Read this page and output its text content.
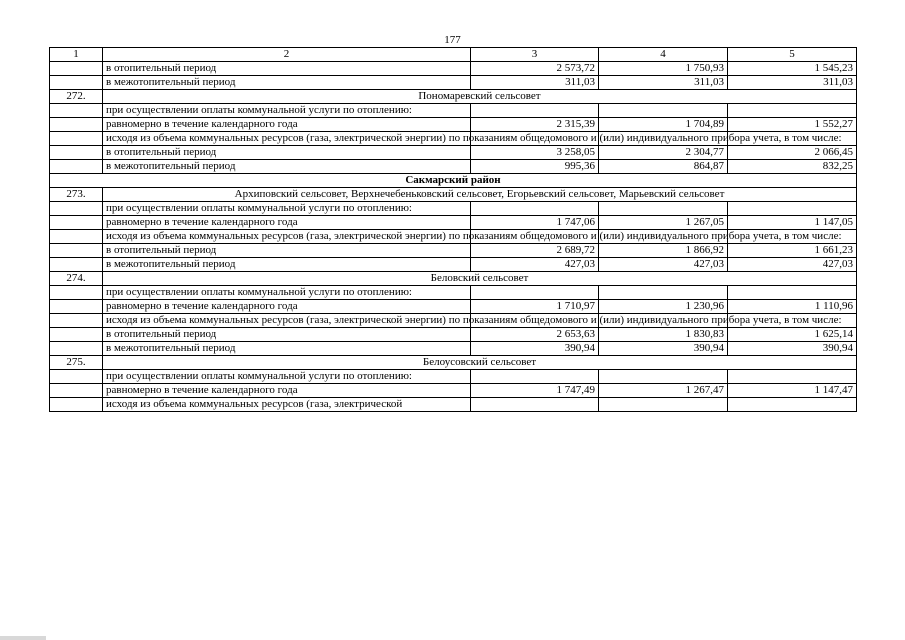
177
1	2	3	4	5
	в отопительный период	2 573,72	1 750,93	1 545,23
	в межотопительный период	311,03	311,03	311,03
272.	Пономаревский сельсовет			
	при осуществлении оплаты коммунальной услуги по отоплению:			
	равномерно в течение календарного года	2 315,39	1 704,89	1 552,27
	исходя из объема коммунальных ресурсов (газа, электрической энергии) по показаниям общедомового и (или) индивидуального прибора учета, в том числе:			
	в отопительный период	3 258,05	2 304,77	2 066,45
	в межотопительный период	995,36	864,87	832,25
Сакмарский район				
273.	Архиповский сельсовет, Верхнечебеньковский сельсовет, Егорьевский сельсовет, Марьевский сельсовет			
	при осуществлении оплаты коммунальной услуги по отоплению:			
	равномерно в течение календарного года	1 747,06	1 267,05	1 147,05
	исходя из объема коммунальных ресурсов (газа, электрической энергии) по показаниям общедомового и (или) индивидуального прибора учета, в том числе:			
	в отопительный период	2 689,72	1 866,92	1 661,23
	в межотопительный период	427,03	427,03	427,03
274.	Беловский сельсовет			
	при осуществлении оплаты коммунальной услуги по отоплению:			
	равномерно в течение календарного года	1 710,97	1 230,96	1 110,96
	исходя из объема коммунальных ресурсов (газа, электрической энергии) по показаниям общедомового и (или) индивидуального прибора учета, в том числе:			
	в отопительный период	2 653,63	1 830,83	1 625,14
	в межотопительный период	390,94	390,94	390,94
275.	Белоусовский сельсовет			
	при осуществлении оплаты коммунальной услуги по отоплению:			
	равномерно в течение календарного года	1 747,49	1 267,47	1 147,47
	исходя из объема коммунальных ресурсов (газа, электрической			
